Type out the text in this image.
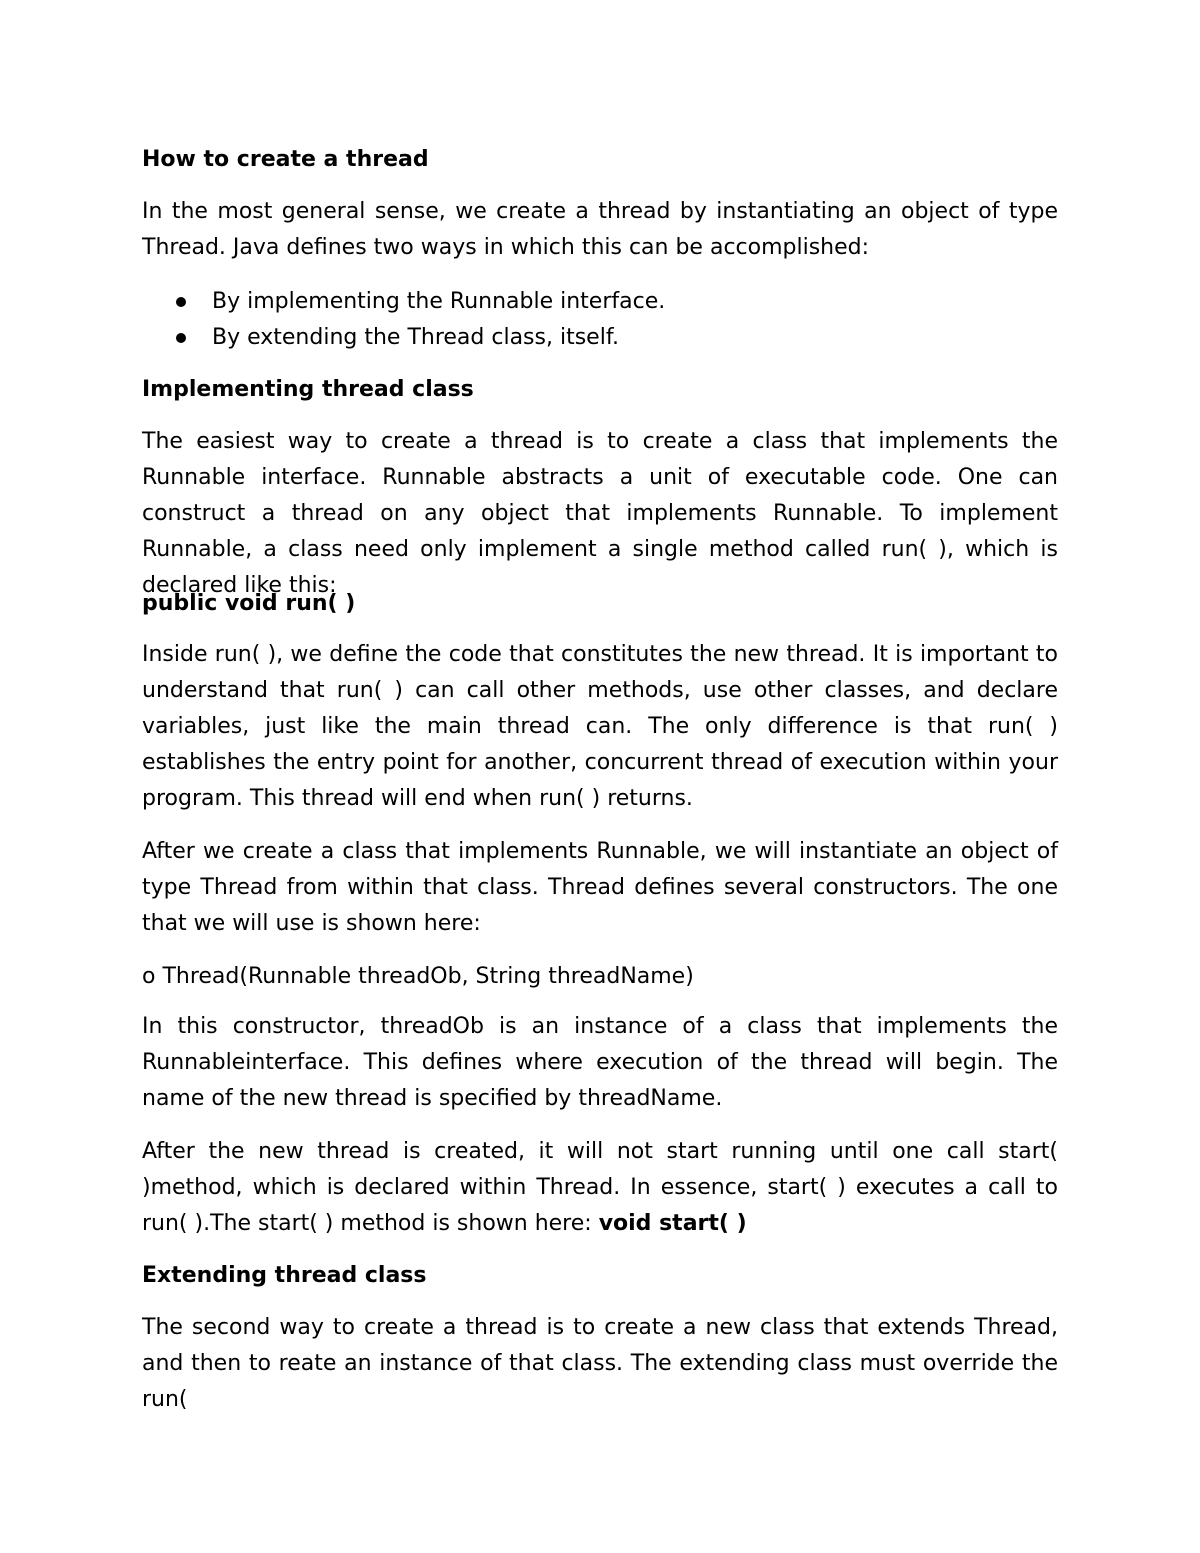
How to create a thread
In the most general sense, we create a thread by instantiating an object of type Thread. Java defines two ways in which this can be accomplished:
By implementing the Runnable interface.
By extending the Thread class, itself.
Implementing thread class
The easiest way to create a thread is to create a class that implements the Runnable interface. Runnable abstracts a unit of executable code. One can construct a thread on any object that implements Runnable. To implement Runnable, a class need only implement a single method called run( ), which is declared like this:
public void run( )
Inside run( ), we define the code that constitutes the new thread. It is important to understand that run( ) can call other methods, use other classes, and declare variables, just like the main thread can. The only difference is that run( ) establishes the entry point for another, concurrent thread of execution within your program. This thread will end when run( ) returns.
After we create a class that implements Runnable, we will instantiate an object of type Thread from within that class. Thread defines several constructors. The one that we will use is shown here:
o Thread(Runnable threadOb, String threadName)
In this constructor, threadOb is an instance of a class that implements the Runnableinterface. This defines where execution of the thread will begin. The name of the new thread is specified by threadName.
After the new thread is created, it will not start running until one call start( )method, which is declared within Thread. In essence, start( ) executes a call to run( ).The start( ) method is shown here: void start( )
Extending thread class
The second way to create a thread is to create a new class that extends Thread, and then to reate an instance of that class. The extending class must override the run(
